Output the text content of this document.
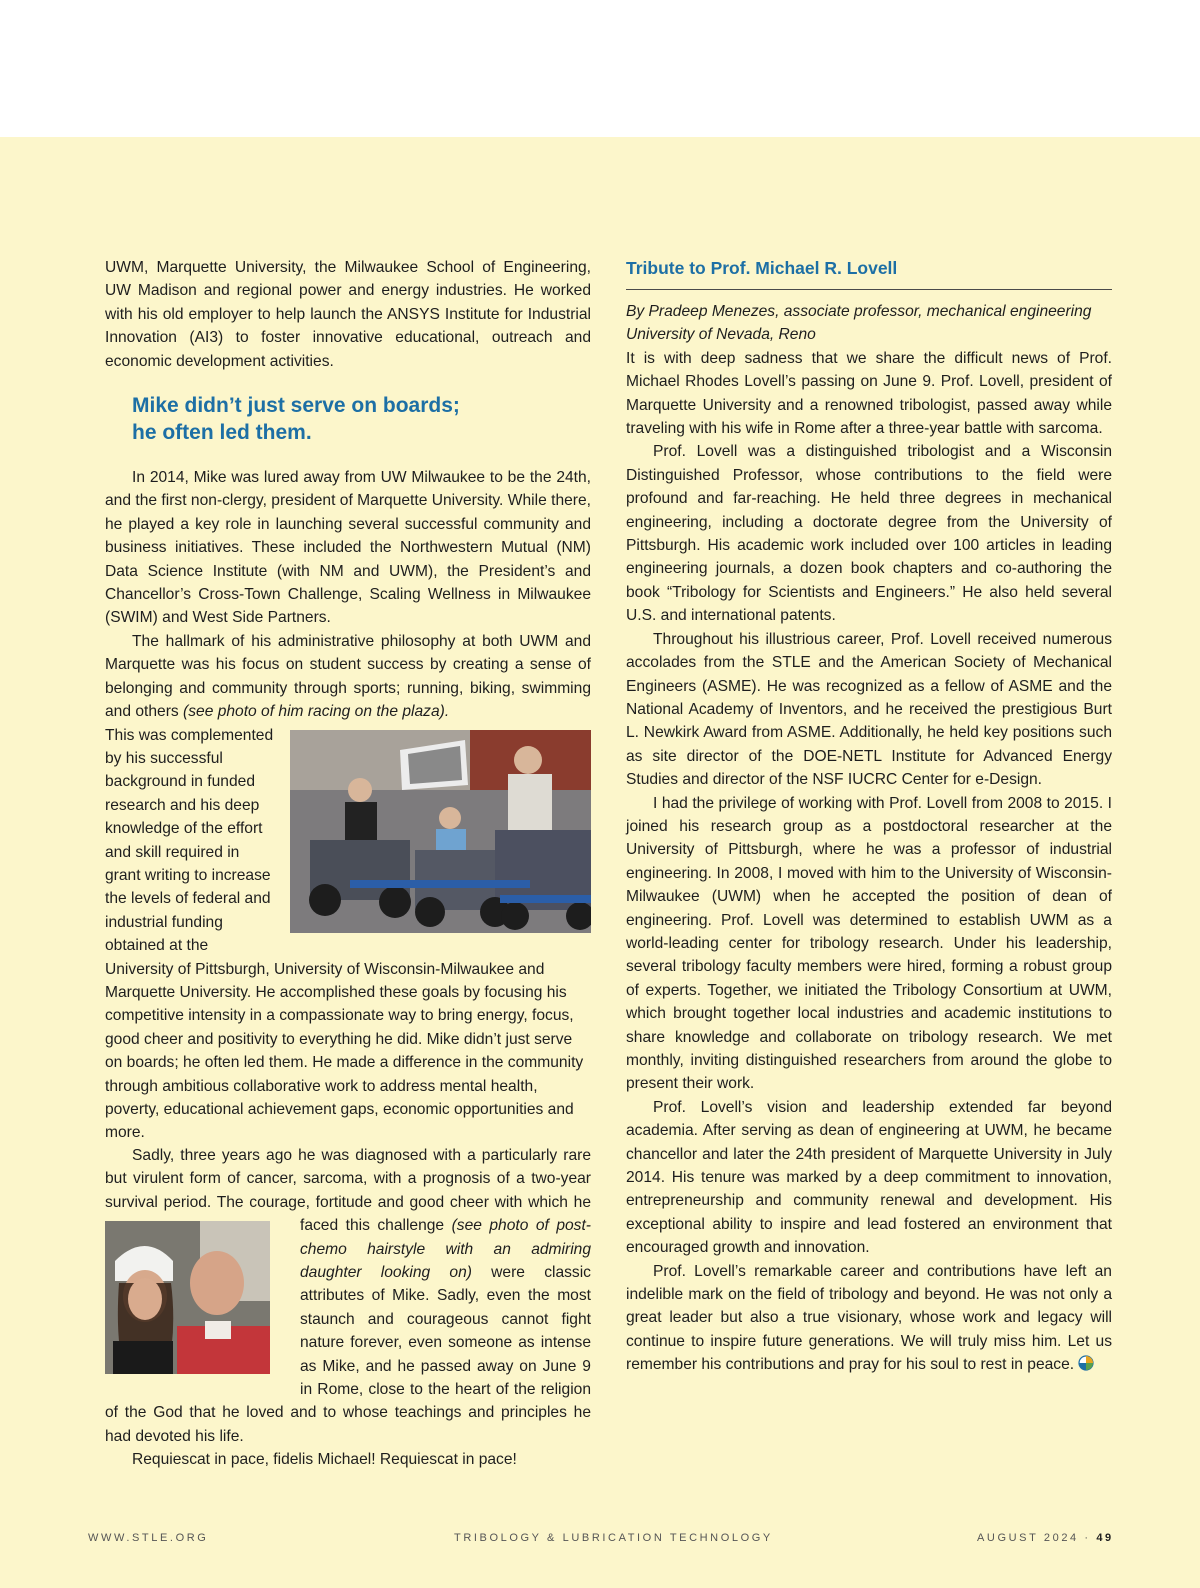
UWM, Marquette University, the Milwaukee School of Engineering, UW Madison and regional power and energy industries. He worked with his old employer to help launch the ANSYS Institute for Industrial Innovation (AI3) to foster innovative educational, outreach and economic development activities.

Mike didn’t just serve on boards;
he often led them.

In 2014, Mike was lured away from UW Milwaukee to be the 24th, and the first non-clergy, president of Marquette University. While there, he played a key role in launching several successful community and business initiatives. These included the Northwestern Mutual (NM) Data Science Institute (with NM and UWM), the President’s and Chancellor’s Cross-Town Challenge, Scaling Wellness in Milwaukee (SWIM) and West Side Partners.

The hallmark of his administrative philosophy at both UWM and Marquette was his focus on student success by creating a sense of belonging and community through sports; running, biking, swimming and others (see photo of him racing on the plaza).

This was complemented by his successful background in funded research and his deep knowledge of the effort and skill required in grant writing to increase the levels of federal and industrial funding obtained at the University of Pittsburgh, University of Wisconsin-Milwaukee and Marquette University. He accomplished these goals by focusing his competitive intensity in a compassionate way to bring energy, focus, good cheer and positivity to everything he did. Mike didn’t just serve on boards; he often led them. He made a difference in the community through ambitious collaborative work to address mental health, poverty, educational achievement gaps, economic opportunities and more.

Sadly, three years ago he was diagnosed with a particularly rare but virulent form of cancer, sarcoma, with a prognosis of a two-year survival period. The courage, fortitude and good cheer with which he faced this challenge
(see photo of post-chemo hairstyle with an admiring daughter looking on) were classic attributes of Mike. Sadly, even the most staunch and courageous cannot fight nature forever, even someone as intense as Mike, and he passed away on June 9 in Rome, close to the heart of the religion of the God that he loved and to whose teachings and principles he had devoted his life.

Requiescat in pace, fidelis Michael! Requiescat in pace!

Tribute to Prof. Michael R. Lovell

By Pradeep Menezes, associate professor, mechanical engineering
University of Nevada, Reno

It is with deep sadness that we share the difficult news of Prof. Michael Rhodes Lovell’s passing on June 9. Prof. Lovell, president of Marquette University and a renowned tribologist, passed away while traveling with his wife in Rome after a three-year battle with sarcoma.

Prof. Lovell was a distinguished tribologist and a Wisconsin Distinguished Professor, whose contributions to the field were profound and far-reaching. He held three degrees in mechanical engineering, including a doctorate degree from the University of Pittsburgh. His academic work included over 100 articles in leading engineering journals, a dozen book chapters and co-authoring the book “Tribology for Scientists and Engineers.” He also held several U.S. and international patents.

Throughout his illustrious career, Prof. Lovell received numerous accolades from the STLE and the American Society of Mechanical Engineers (ASME). He was recognized as a fellow of ASME and the National Academy of Inventors, and he received the prestigious Burt L. Newkirk Award from ASME. Additionally, he held key positions such as site director of the DOE-NETL Institute for Advanced Energy Studies and director of the NSF IUCRC Center for e-Design.

I had the privilege of working with Prof. Lovell from 2008 to 2015. I joined his research group as a postdoctoral researcher at the University of Pittsburgh, where he was a professor of industrial engineering. In 2008, I moved with him to the University of Wisconsin-Milwaukee (UWM) when he accepted the position of dean of engineering. Prof. Lovell was determined to establish UWM as a world-leading center for tribology research. Under his leadership, several tribology faculty members were hired, forming a robust group of experts. Together, we initiated the Tribology Consortium at UWM, which brought together local industries and academic institutions to share knowledge and collaborate on tribology research. We met monthly, inviting distinguished researchers from around the globe to present their work.

Prof. Lovell’s vision and leadership extended far beyond academia. After serving as dean of engineering at UWM, he became chancellor and later the 24th president of Marquette University in July 2014. His tenure was marked by a deep commitment to innovation, entrepreneurship and community renewal and development. His exceptional ability to inspire and lead fostered an environment that encouraged growth and innovation.

Prof. Lovell’s remarkable career and contributions have left an indelible mark on the field of tribology and beyond. He was not only a great leader but also a true visionary, whose work and legacy will continue to inspire future generations. We will truly miss him. Let us remember his contributions and pray for his soul to rest in peace.

WWW.STLE.ORG	TRIBOLOGY & LUBRICATION TECHNOLOGY	AUGUST 2024 · 49
